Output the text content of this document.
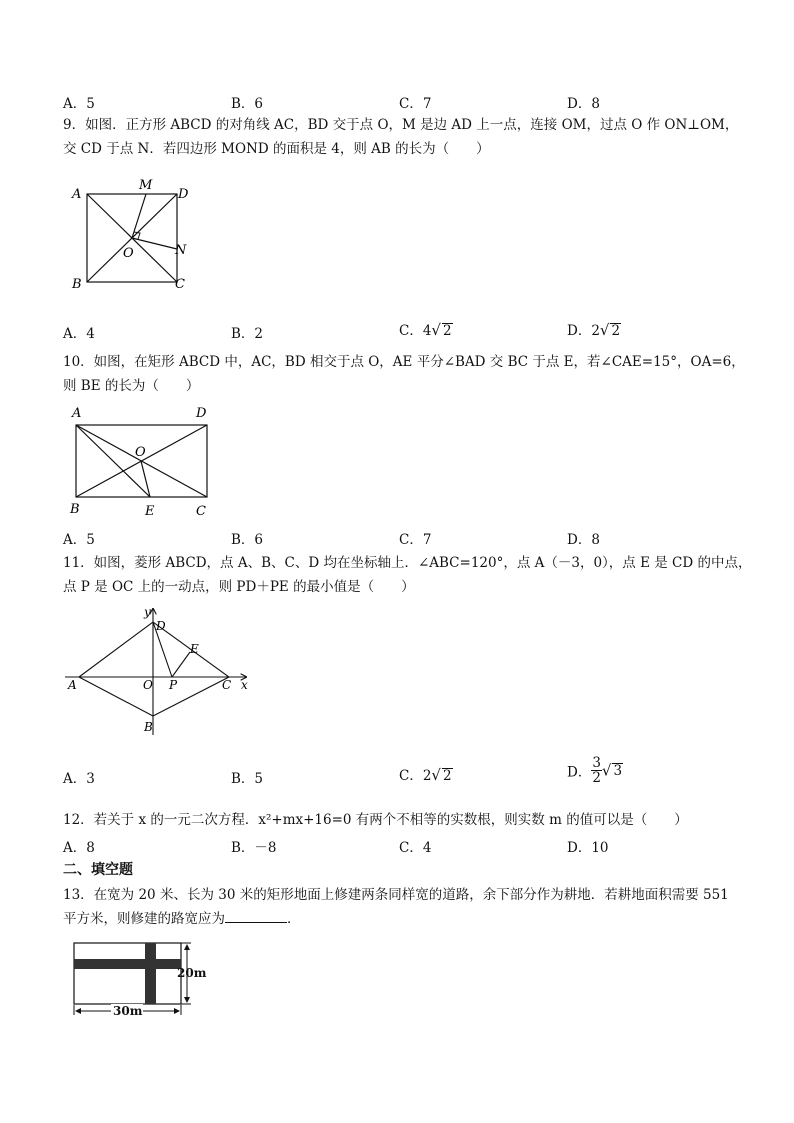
A．5	B．6	C．7	D．8
9．如图．正方形 ABCD 的对角线 AC，BD 交于点 O，M 是边 AD 上一点，连接 OM，过点 O 作 ON⊥OM，
交 CD 于点 N．若四边形 MOND 的面积是 4，则 AB 的长为（　　）
A
M
D
O	N
B	C
A．4	B．2	C．4√ 2	D．2√ 2
10．如图，在矩形 ABCD 中，AC，BD 相交于点 O，AE 平分∠BAD 交 BC 于点 E，若∠CAE=15°，OA=6，
则 BE 的长为（　　）
A	D
O
B	E	C
A．5	B．6	C．7	D．8
11．如图，菱形 ABCD，点 A、B、C、D 均在坐标轴上．∠ABC=120°，点 A（－3，0），点 E 是 CD 的中点，
点 P 是 OC 上的一动点，则 PD＋PE 的最小值是（　　）
y
x
D
E
A	O P	C
B
A．3	B．5	C．2√ 2	D． $\frac{3}{2}$ √ 3
12．若关于 x 的一元二次方程．x²+mx+16=0 有两个不相等的实数根，则实数 m 的值可以是（　　）
A．8	B．－8	C．4	D．10
二、填空题
13．在宽为 20 米、长为 30 米的矩形地面上修建两条同样宽的道路，余下部分作为耕地．若耕地面积需要 551
平方米，则修建的路宽应为	．
20m
30m
